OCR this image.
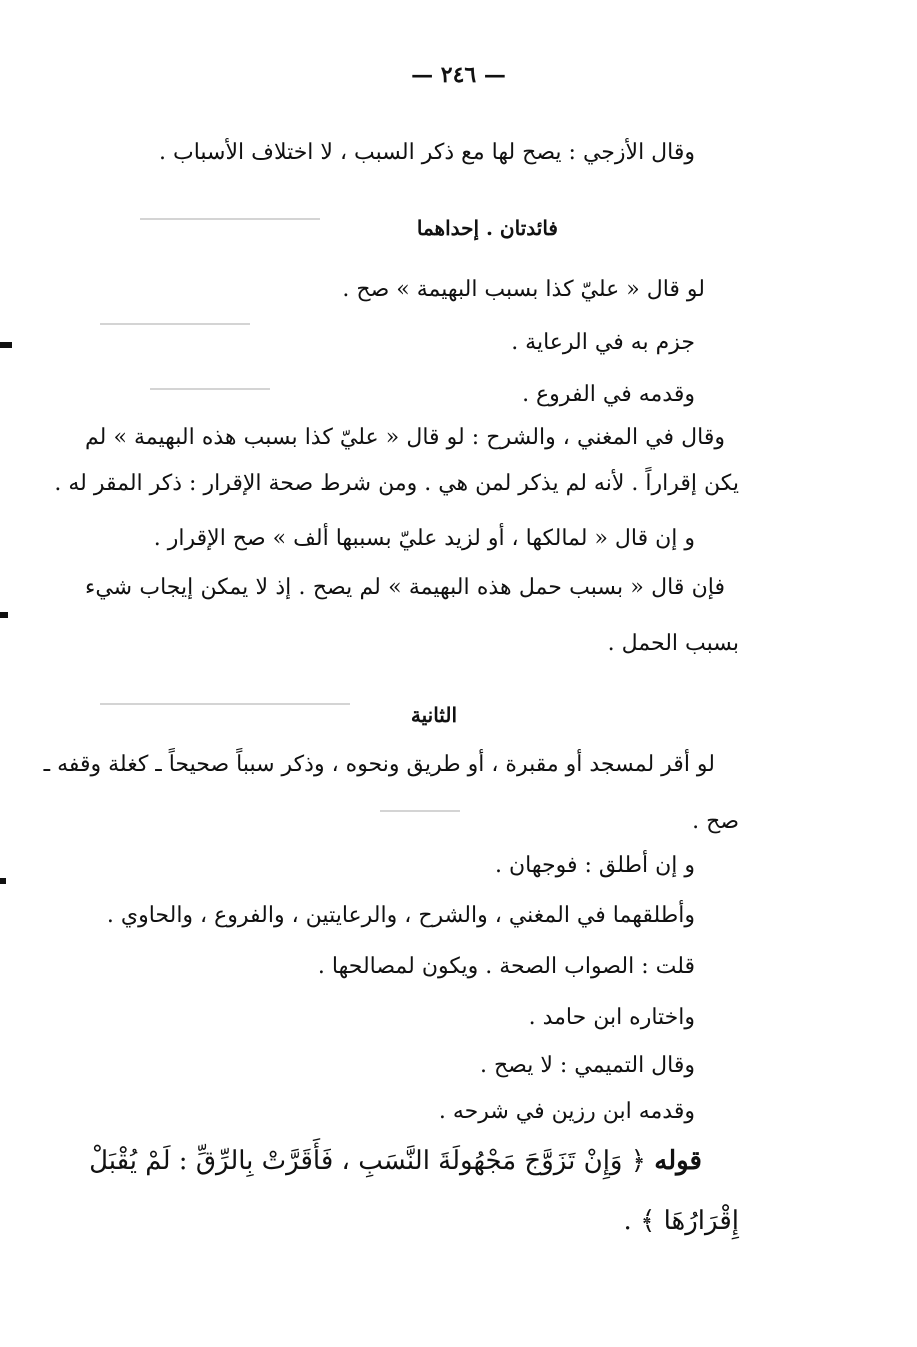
— ٢٤٦ —
وقال الأزجي : يصح لها مع ذكر السبب ، لا اختلاف الأسباب .
فائدتان . إحداهما
لو قال « عليّ كذا بسبب البهيمة » صح .
جزم به في الرعاية .
وقدمه في الفروع .
وقال في المغني ، والشرح : لو قال « عليّ كذا بسبب هذه البهيمة » لم
يكن إقراراً . لأنه لم يذكر لمن هي . ومن شرط صحة الإقرار : ذكر المقر له .
و إن قال « لمالكها ، أو لزيد عليّ بسببها ألف » صح الإقرار .
فإن قال « بسبب حمل هذه البهيمة » لم يصح . إذ لا يمكن إيجاب شيء
بسبب الحمل .
الثانية
لو أقر لمسجد أو مقبرة ، أو طريق ونحوه ، وذكر سبباً صحيحاً ـ كغلة وقفه ـ
صح .
و إن أطلق : فوجهان .
وأطلقهما في المغني ، والشرح ، والرعايتين ، والفروع ، والحاوي .
قلت : الصواب الصحة . ويكون لمصالحها .
واختاره ابن حامد .
وقال التميمي : لا يصح .
وقدمه ابن رزين في شرحه .
قوله ﴿ وَإِنْ تَزَوَّجَ مَجْهُولَةَ النَّسَبِ ، فَأَقَرَّتْ بِالرِّقِّ : لَمْ يُقْبَلْ
إِقْرَارُهَا ﴾ .
